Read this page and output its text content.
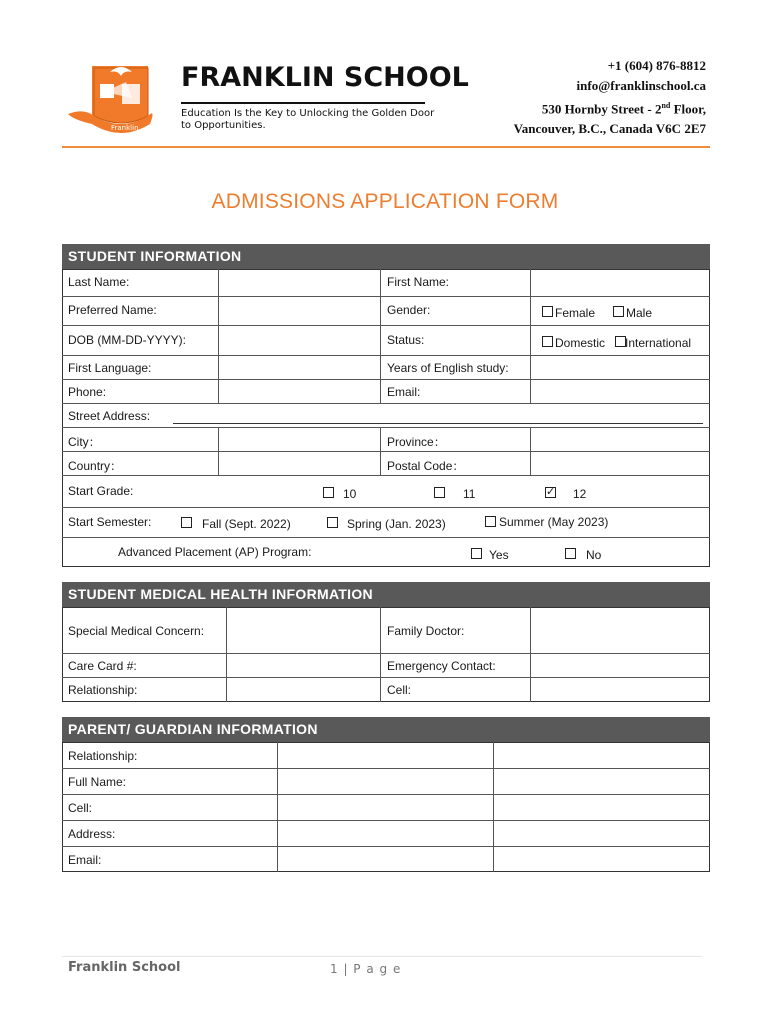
Franklin
FRANKLIN SCHOOL
Education Is the Key to Unlocking the Golden Door
to Opportunities.
+1 (604) 876-8812
info@franklinschool.ca
530 Hornby Street - 2nd Floor,
Vancouver, B.C., Canada V6C 2E7
ADMISSIONS APPLICATION FORM
STUDENT INFORMATION
Last Name:	First Name:
Preferred Name:	Gender:	Female	Male
DOB (MM-DD-YYYY):	Status:	Domestic International
First Language:	Years of English study:
Phone:	Email:
Street Address:
City：	Province：
Country：	Postal Code：
Start Grade:	10	11
✓	12
Start Semester:	Fall (Sept. 2022)	Spring (Jan. 2023)	Summer (May 2023)
Advanced Placement (AP) Program:	Yes	No
STUDENT MEDICAL HEALTH INFORMATION
Special Medical Concern:	Family Doctor:
Care Card #:	Emergency Contact:
Relationship:	Cell:
PARENT/ GUARDIAN INFORMATION
Relationship:
Full Name:
Cell:
Address:
Email:
Franklin School	1 | P a g e
